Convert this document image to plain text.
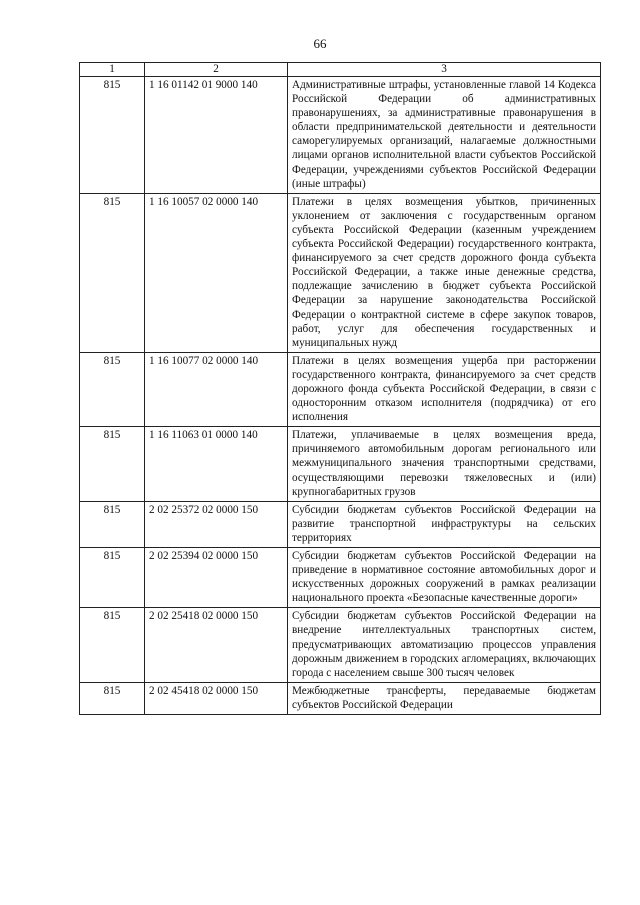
66
1	2	3
815	1 16 01142 01 9000 140	Административные штрафы, установленные главой 14 Кодекса Российской Федерации об административных правонарушениях, за административные правонарушения в области предпринимательской деятельности и деятельности саморегулируемых организаций, налагаемые должностными лицами органов исполнительной власти субъектов Российской Федерации, учреждениями субъектов Российской Федерации (иные штрафы)
815	1 16 10057 02 0000 140	Платежи в целях возмещения убытков, причиненных уклонением от заключения с государственным органом субъекта Российской Федерации (казенным учреждением субъекта Российской Федерации) государственного контракта, финансируемого за счет средств дорожного фонда субъекта Российской Федерации, а также иные денежные средства, подлежащие зачислению в бюджет субъекта Российской Федерации за нарушение законодательства Российской Федерации о контрактной системе в сфере закупок товаров, работ, услуг для обеспечения государственных и муниципальных нужд
815	1 16 10077 02 0000 140	Платежи в целях возмещения ущерба при расторжении государственного контракта, финансируемого за счет средств дорожного фонда субъекта Российской Федерации, в связи с односторонним отказом исполнителя (подрядчика) от его исполнения
815	1 16 11063 01 0000 140	Платежи, уплачиваемые в целях возмещения вреда, причиняемого автомобильным дорогам регионального или межмуниципального значения транспортными средствами, осуществляющими перевозки тяжеловесных и (или) крупногабаритных грузов
815	2 02 25372 02 0000 150	Субсидии бюджетам субъектов Российской Федерации на развитие транспортной инфраструктуры на сельских территориях
815	2 02 25394 02 0000 150	Субсидии бюджетам субъектов Российской Федерации на приведение в нормативное состояние автомобильных дорог и искусственных дорожных сооружений в рамках реализации национального проекта «Безопасные качественные дороги»
815	2 02 25418 02 0000 150	Субсидии бюджетам субъектов Российской Федерации на внедрение интеллектуальных транспортных систем, предусматривающих автоматизацию процессов управления дорожным движением в городских агломерациях, включающих города с населением свыше 300 тысяч человек
815	2 02 45418 02 0000 150	Межбюджетные трансферты, передаваемые бюджетам субъектов Российской Федерации
